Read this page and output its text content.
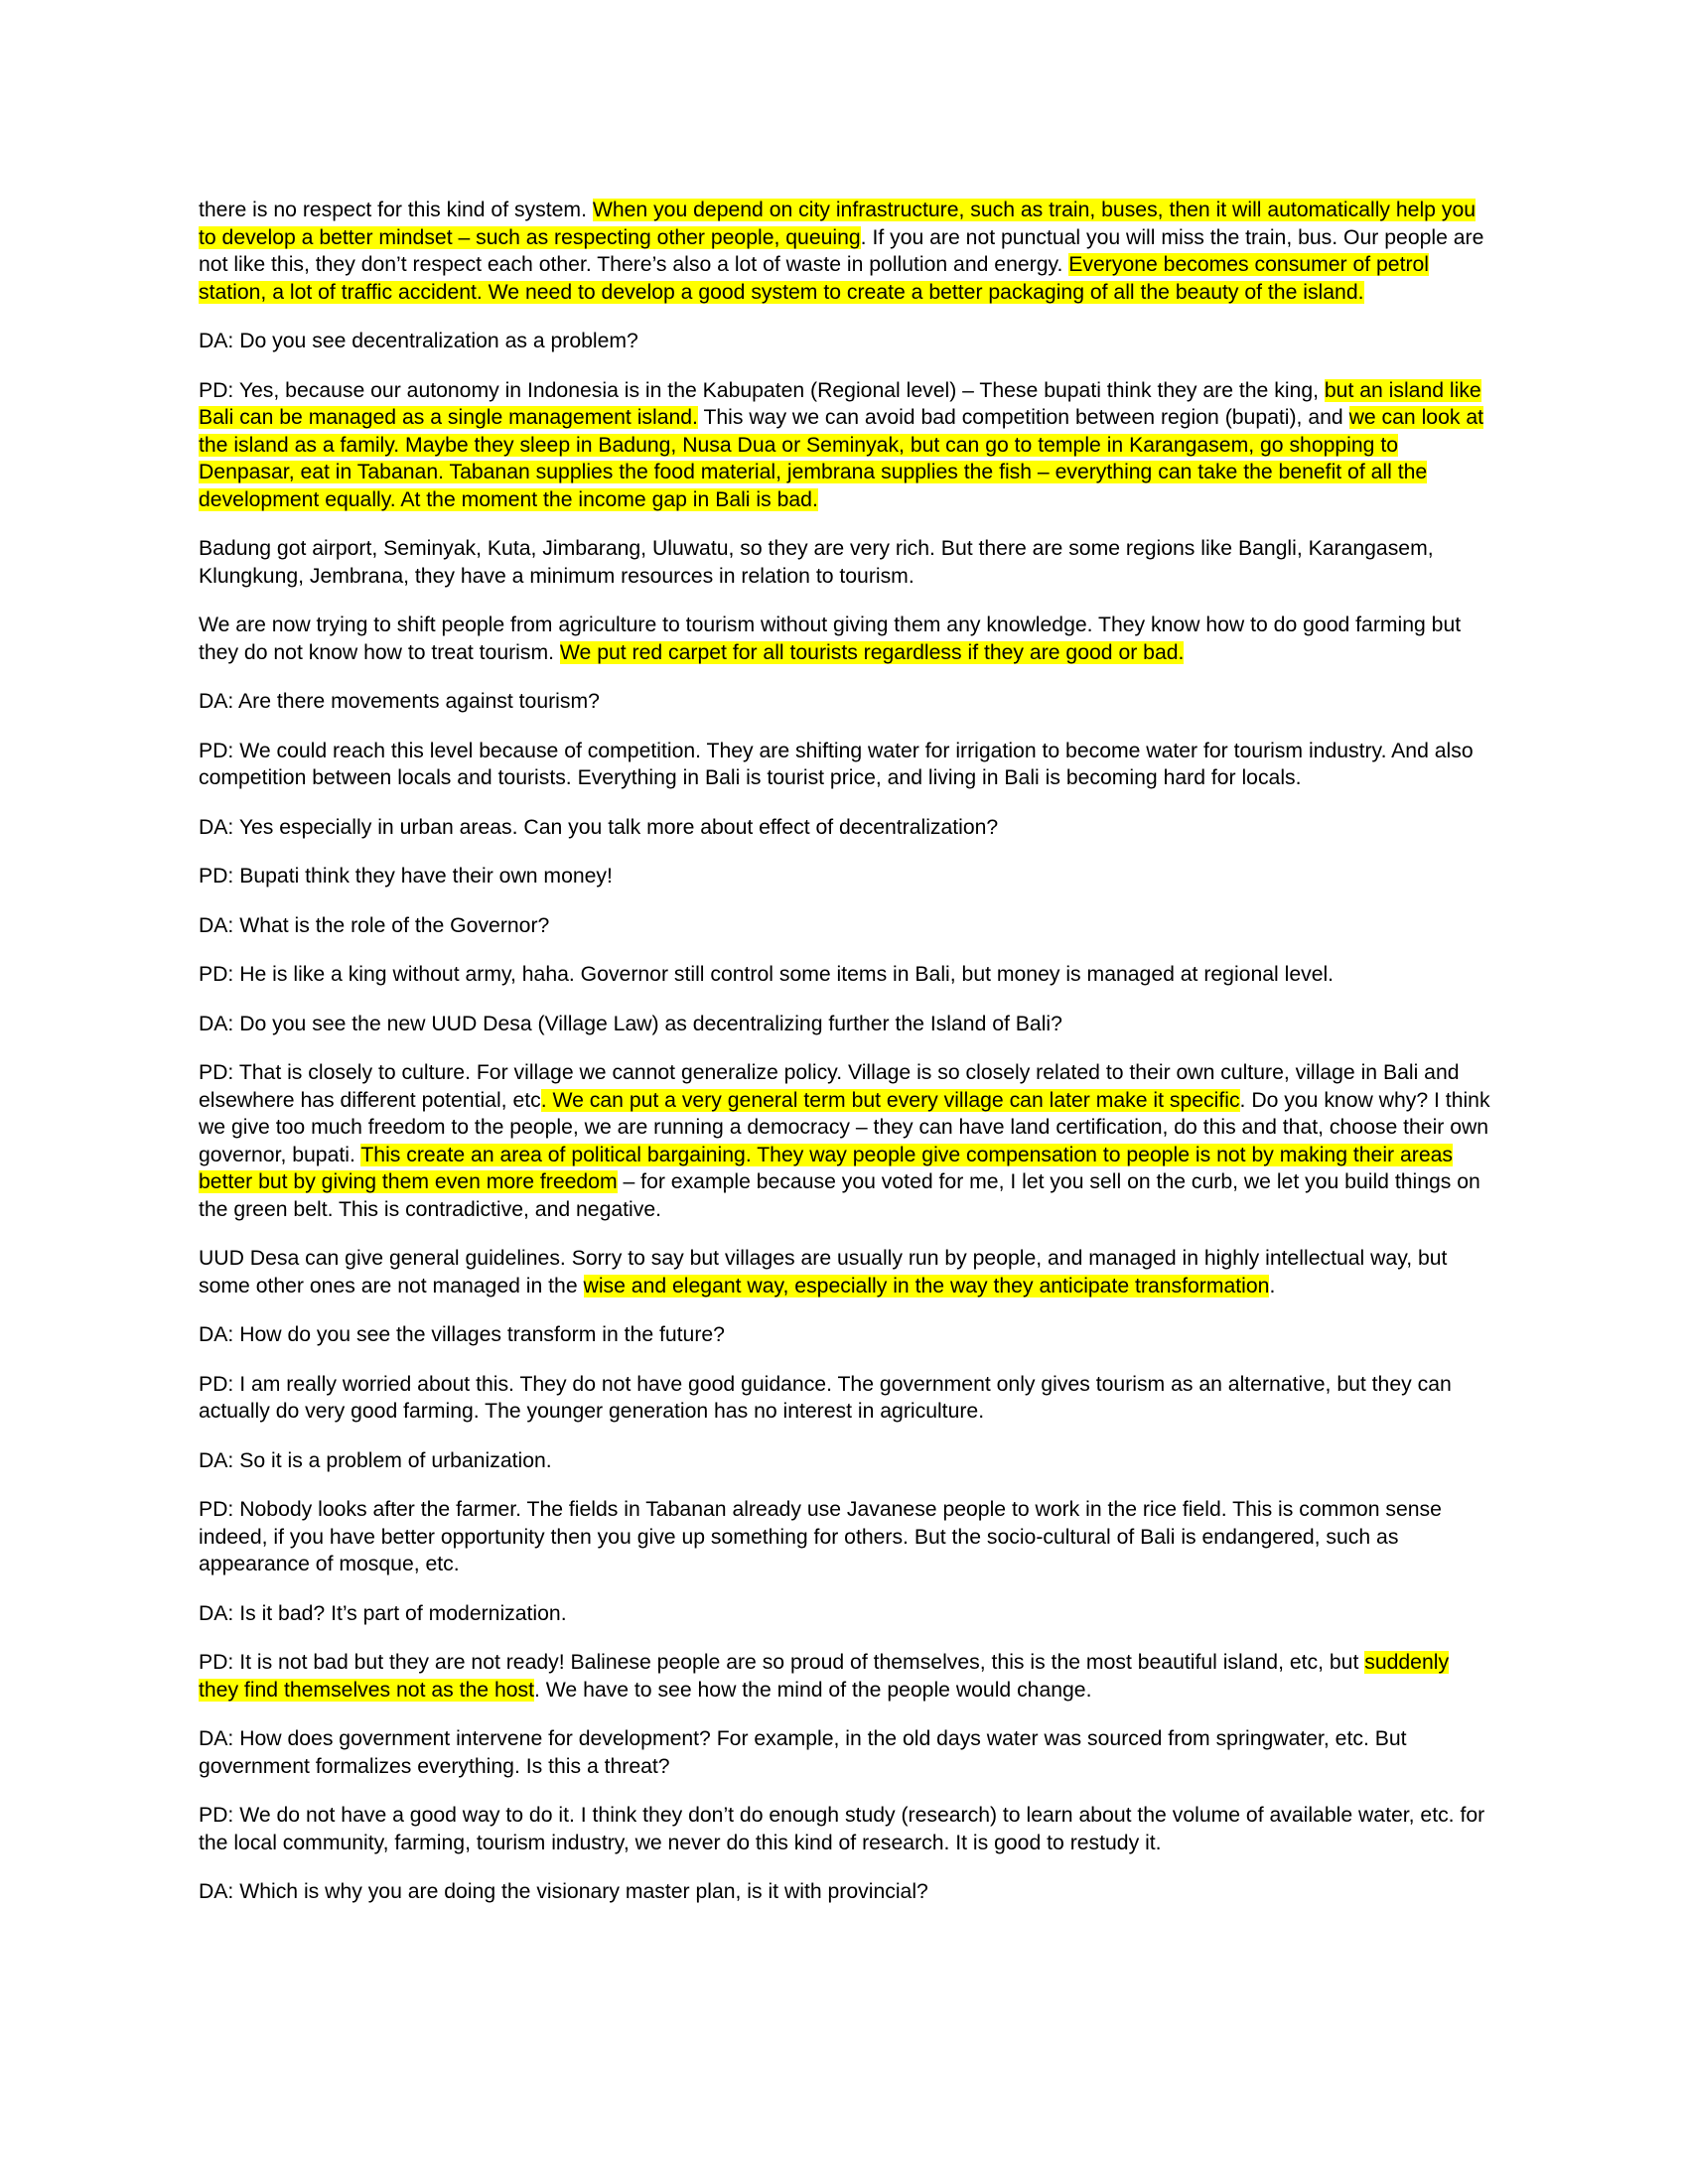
there is no respect for this kind of system. When you depend on city infrastructure, such as train, buses, then it will automatically help you to develop a better mindset – such as respecting other people, queuing. If you are not punctual you will miss the train, bus. Our people are not like this, they don’t respect each other. There’s also a lot of waste in pollution and energy. Everyone becomes consumer of petrol station, a lot of traffic accident. We need to develop a good system to create a better packaging of all the beauty of the island.

DA: Do you see decentralization as a problem?

PD: Yes, because our autonomy in Indonesia is in the Kabupaten (Regional level) – These bupati think they are the king, but an island like Bali can be managed as a single management island. This way we can avoid bad competition between region (bupati), and we can look at the island as a family. Maybe they sleep in Badung, Nusa Dua or Seminyak, but can go to temple in Karangasem, go shopping to Denpasar, eat in Tabanan. Tabanan supplies the food material, jembrana supplies the fish – everything can take the benefit of all the development equally. At the moment the income gap in Bali is bad.

Badung got airport, Seminyak, Kuta, Jimbarang, Uluwatu, so they are very rich. But there are some regions like Bangli, Karangasem, Klungkung, Jembrana, they have a minimum resources in relation to tourism.

We are now trying to shift people from agriculture to tourism without giving them any knowledge. They know how to do good farming but they do not know how to treat tourism. We put red carpet for all tourists regardless if they are good or bad.

DA: Are there movements against tourism?

PD: We could reach this level because of competition. They are shifting water for irrigation to become water for tourism industry. And also competition between locals and tourists. Everything in Bali is tourist price, and living in Bali is becoming hard for locals.

DA: Yes especially in urban areas. Can you talk more about effect of decentralization?

PD: Bupati think they have their own money!

DA: What is the role of the Governor?

PD: He is like a king without army, haha. Governor still control some items in Bali, but money is managed at regional level.

DA: Do you see the new UUD Desa (Village Law) as decentralizing further the Island of Bali?

PD: That is closely to culture. For village we cannot generalize policy. Village is so closely related to their own culture, village in Bali and elsewhere has different potential, etc. We can put a very general term but every village can later make it specific. Do you know why? I think we give too much freedom to the people, we are running a democracy – they can have land certification, do this and that, choose their own governor, bupati. This create an area of political bargaining. They way people give compensation to people is not by making their areas better but by giving them even more freedom – for example because you voted for me, I let you sell on the curb, we let you build things on the green belt. This is contradictive, and negative.

UUD Desa can give general guidelines. Sorry to say but villages are usually run by people, and managed in highly intellectual way, but some other ones are not managed in the wise and elegant way, especially in the way they anticipate transformation.

DA: How do you see the villages transform in the future?

PD: I am really worried about this. They do not have good guidance. The government only gives tourism as an alternative, but they can actually do very good farming. The younger generation has no interest in agriculture.

DA: So it is a problem of urbanization.

PD: Nobody looks after the farmer. The fields in Tabanan already use Javanese people to work in the rice field. This is common sense indeed, if you have better opportunity then you give up something for others. But the socio-cultural of Bali is endangered, such as appearance of mosque, etc.

DA: Is it bad? It’s part of modernization.

PD: It is not bad but they are not ready! Balinese people are so proud of themselves, this is the most beautiful island, etc, but suddenly they find themselves not as the host. We have to see how the mind of the people would change.

DA: How does government intervene for development? For example, in the old days water was sourced from springwater, etc. But government formalizes everything. Is this a threat?

PD: We do not have a good way to do it. I think they don’t do enough study (research) to learn about the volume of available water, etc. for the local community, farming, tourism industry, we never do this kind of research. It is good to restudy it.

DA: Which is why you are doing the visionary master plan, is it with provincial?
